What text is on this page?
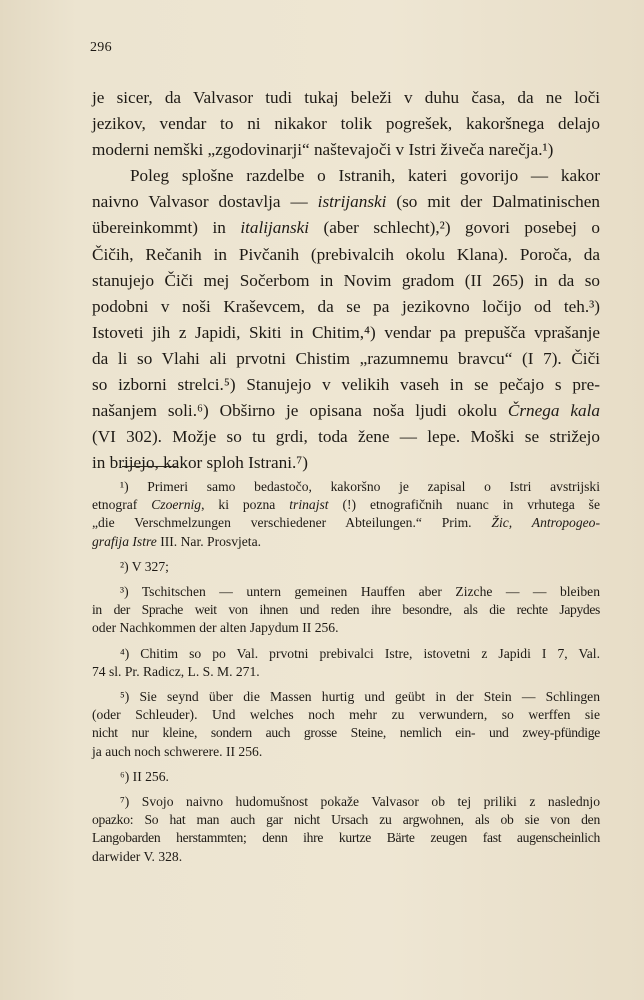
296

je sicer, da Valvasor tudi tukaj beleži v duhu časa, da ne loči
jezikov, vendar to ni nikakor tolik pogrešek, kakoršnega delajo
moderni nemški „zgodovinarji“ naštevajoči v Istri živeča narečja.¹)

Poleg splošne razdelbe o Istranih, kateri govorijo — kakor
naivno Valvasor dostavlja — istrijanski (so mit der Dalmatinischen
übereinkommt) in italijanski (aber schlecht),²) govori posebej o
Čičih, Rečanih in Pivčanih (prebivalcih okolu Klana). Poroča, da
stanujejo Čiči mej Sočerbom in Novim gradom (II 265) in da so
podobni v noši Kraševcem, da se pa jezikovno ločijo od teh.³)
Istoveti jih z Japidi, Skiti in Chitim,⁴) vendar pa prepušča vprašanje
da li so Vlahi ali prvotni Chistim „razumnemu bravcu“ (I 7). Čiči
so izborni strelci.⁵) Stanujejo v velikih vaseh in se pečajo s pre-
našanjem soli.⁶) Obširno je opisana noša ljudi okolu Črnega kala
(VI 302). Možje so tu grdi, toda žene — lepe. Moški se strižejo
in brijejo, kakor sploh Istrani.⁷)

¹) Primeri samo bedastočo, kakoršno je zapisal o Istri avstrijski
etnograf Czoernig, ki pozna trinajst (!) etnografičnih nuanc in vrhutega še
„die Verschmelzungen verschiedener Abteilungen.“ Prim. Žic, Antropogeo-
grafija Istre III. Nar. Prosvjeta.
²) V 327;
³) Tschitschen — untern gemeinen Hauffen aber Zizche — — bleiben
in der Sprache weit von ihnen und reden ihre besondre, als die rechte Japydes
oder Nachkommen der alten Japydum II 256.
⁴) Chitim so po Val. prvotni prebivalci Istre, istovetni z Japidi I 7, Val.
74 sl. Pr. Radicz, L. S. M. 271.
⁵) Sie seynd über die Massen hurtig und geübt in der Stein — Schlingen
(oder Schleuder). Und welches noch mehr zu verwundern, so werffen sie
nicht nur kleine, sondern auch grosse Steine, nemlich ein- und zwey-pfündige
ja auch noch schwerere. II 256.
⁶) II 256.
⁷) Svojo naivno hudomušnost pokaže Valvasor ob tej priliki z naslednjo
opazko: So hat man auch gar nicht Ursach zu argwohnen, als ob sie von den
Langobarden herstammten; denn ihre kurtze Bärte zeugen fast augenscheinlich
darwider V. 328.
